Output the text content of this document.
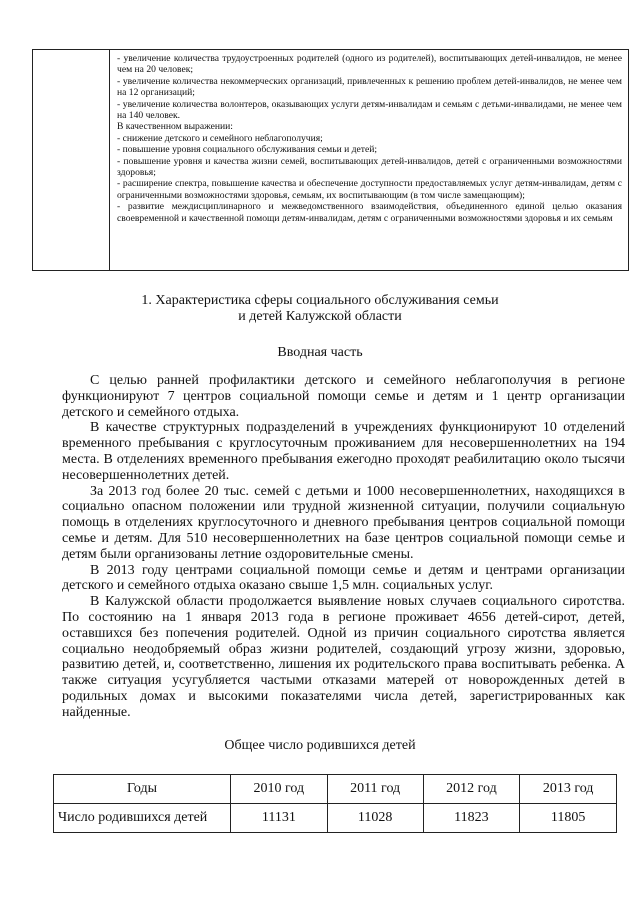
- увеличение количества трудоустроенных родителей (одного из родителей), воспитывающих детей-инвалидов, не менее чем на 20 человек;
- увеличение количества некоммерческих организаций, привлеченных к решению проблем детей-инвалидов, не менее чем на 12 организаций;
- увеличение количества волонтеров, оказывающих услуги детям-инвалидам и семьям с детьми-инвалидами, не менее чем на 140 человек.
В качественном выражении:
- снижение детского и семейного неблагополучия;
- повышение уровня социального обслуживания семьи и детей;
- повышение уровня и качества жизни семей, воспитывающих детей-инвалидов, детей с ограниченными возможностями здоровья;
- расширение спектра, повышение качества и обеспечение доступности предоставляемых услуг детям-инвалидам, детям с ограниченными возможностями здоровья, семьям, их воспитывающим (в том числе замещающим);
- развитие междисциплинарного и межведомственного взаимодействия, объединенного единой целью оказания своевременной и качественной помощи детям-инвалидам, детям с ограниченными возможностями здоровья и их семьям
1. Характеристика сферы социального обслуживания семьи
и детей Калужской области
Вводная часть

С целью ранней профилактики детского и семейного неблагополучия в регионе функционируют 7 центров социальной помощи семье и детям и 1 центр организации детского и семейного отдыха.

В качестве структурных подразделений в учреждениях функционируют 10 отделений временного пребывания с круглосуточным проживанием для несовершеннолетних на 194 места. В отделениях временного пребывания ежегодно проходят реабилитацию около тысячи несовершеннолетних детей.

За 2013 год более 20 тыс. семей с детьми и 1000 несовершеннолетних, находящихся в социально опасном положении или трудной жизненной ситуации, получили социальную помощь в отделениях круглосуточного и дневного пребывания центров социальной помощи семье и детям. Для 510 несовершеннолетних на базе центров социальной помощи семье и детям были организованы летние оздоровительные смены.

В 2013 году центрами социальной помощи семье и детям и центрами организации детского и семейного отдыха оказано свыше 1,5 млн. социальных услуг.

В Калужской области продолжается выявление новых случаев социального сиротства. По состоянию на 1 января 2013 года в регионе проживает 4656 детей-сирот, детей, оставшихся без попечения родителей. Одной из причин социального сиротства является социально неодобряемый образ жизни родителей, создающий угрозу жизни, здоровью, развитию детей, и, соответственно, лишения их родительского права воспитывать ребенка. А также ситуация усугубляется частыми отказами матерей от новорожденных детей в родильных домах и высокими показателями числа детей, зарегистрированных как найденные.

Общее число родившихся детей
Годы	2010 год	2011 год	2012 год	2013 год
Число родившихся детей	11131	11028	11823	11805
